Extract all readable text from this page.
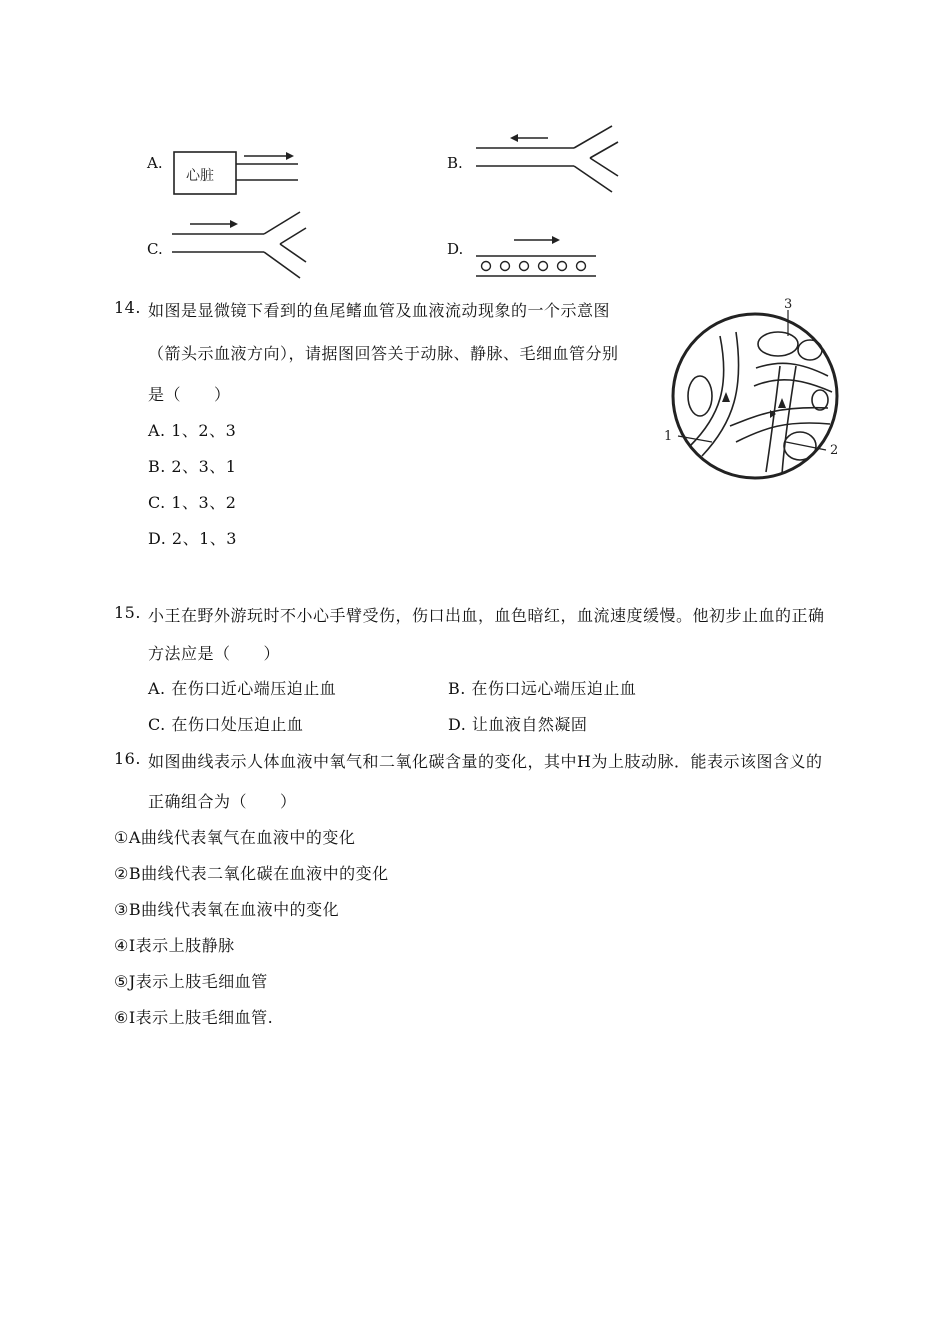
A.
心脏
B.
C.	D.
14. 如图是显微镜下看到的鱼尾鳍血管及血液流动现象的一个示意图
（箭头示血液方向），请据图回答关于动脉、静脉、毛细血管分别
是（　　）
A. 1、2、3
B. 2、3、1
C. 1、3、2
D. 2、1、3
1
2
3
15. 小王在野外游玩时不小心手臂受伤，伤口出血，血色暗红，血流速度缓慢。他初步止血的正确
方法应是（　　）
A. 在伤口近心端压迫止血	B. 在伤口远心端压迫止血
C. 在伤口处压迫止血	D. 让血液自然凝固
16. 如图曲线表示人体血液中氧气和二氧化碳含量的变化，其中H为上肢动脉．能表示该图含义的
正确组合为（　　）
①A曲线代表氧气在血液中的变化
②B曲线代表二氧化碳在血液中的变化
③B曲线代表氧在血液中的变化
④I表示上肢静脉
⑤J表示上肢毛细血管
⑥I表示上肢毛细血管.
